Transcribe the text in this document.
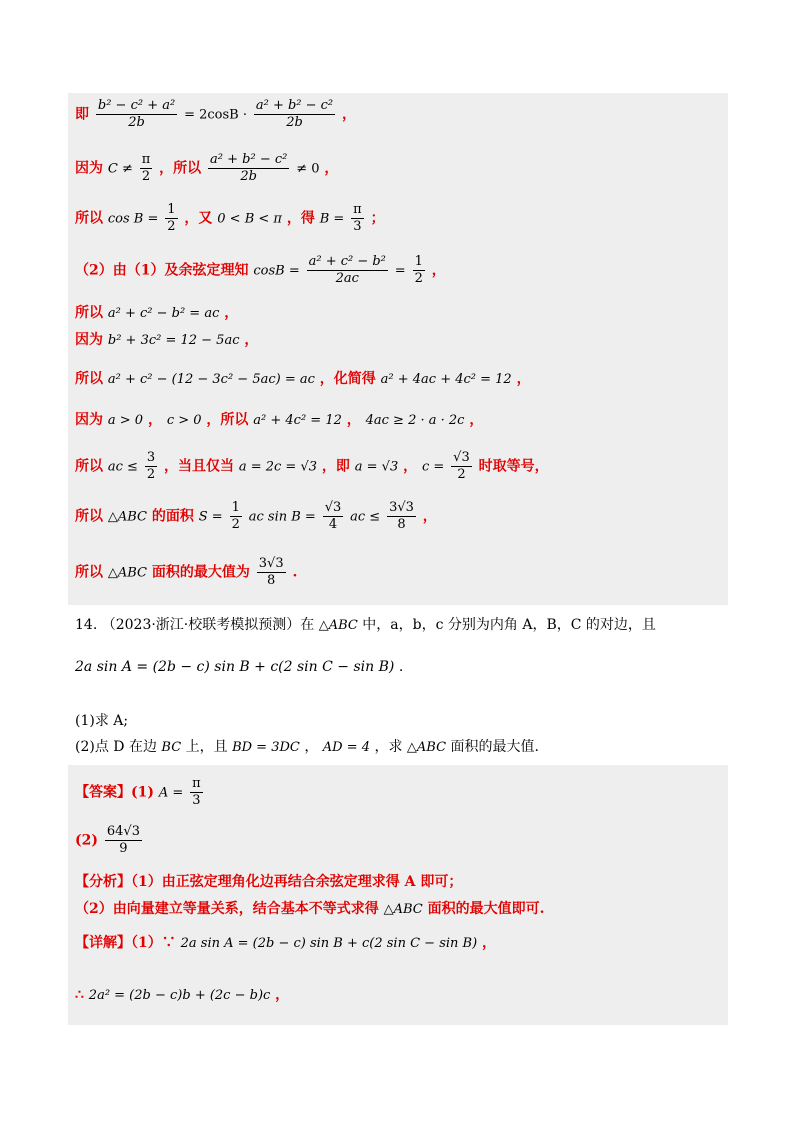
即 $\frac{\text{b² − c² + a²}}{2b} = 2\cos B \cdot \frac{\text{a² + b² − c²}}{2b}$ ，
因为 $C \ne \frac{\pi}{2}$ ，所以 $\frac{\text{a² + b² − c²}}{2b} \ne 0$ ，
所以 $\cos B = \frac{1}{2}$ ，又 0 < B < π ，得 $B = \frac{\pi}{3}$ ；
（2）由（1）及余弦定理知 $\cos B = \frac{\text{a² + c² − b²}}{2ac} = \frac{1}{2}$ ，
所以 a² + c² − b² = ac ，
因为 b² + 3c² = 12 − 5ac ，
所以 a² + c² − (12 − 3c² − 5ac) = ac ，化简得 a² + 4ac + 4c² = 12 ，
因为 a > 0 ， c > 0 ，所以 a² + 4c² = 12 ， 4ac ≥ 2 · a · 2c ，
所以 ac ≤ $\frac{3}{2}$ ，当且仅当 a = 2c = √3 ，即 a = √3 ， $c = \frac{√3}{2}$ 时取等号，
所以 △ABC 的面积 $S = \frac{1}{2}$ ac $\sin B = \frac{√3}{4}$ ac ≤ $\frac{3√3}{8}$ ，
所以 △ABC 面积的最大值为 $\frac{3√3}{8}$ .
14. （2023·浙江·校联考模拟预测）在 △ABC 中，a，b，c 分别为内角 A，B，C 的对边，且
2a sin A = (2b − c) sin B + c(2 sin C − sin B) .
(1)求 A;
(2)点 D 在边 BC 上，且 BD = 3DC ， AD = 4 ，求 △ABC 面积的最大值.
【答案】(1) $A = \frac{\pi}{3}$
$(2) \frac{64√3}{9}$
【分析】（1）由正弦定理角化边再结合余弦定理求得 A 即可；
（2）由向量建立等量关系，结合基本不等式求得 △ABC 面积的最大值即可.
【详解】（1）∵ 2a sin A = (2b − c) sin B + c(2 sin C − sin B) ，
∴ 2a² = (2b − c)b + (2c − b)c ，
